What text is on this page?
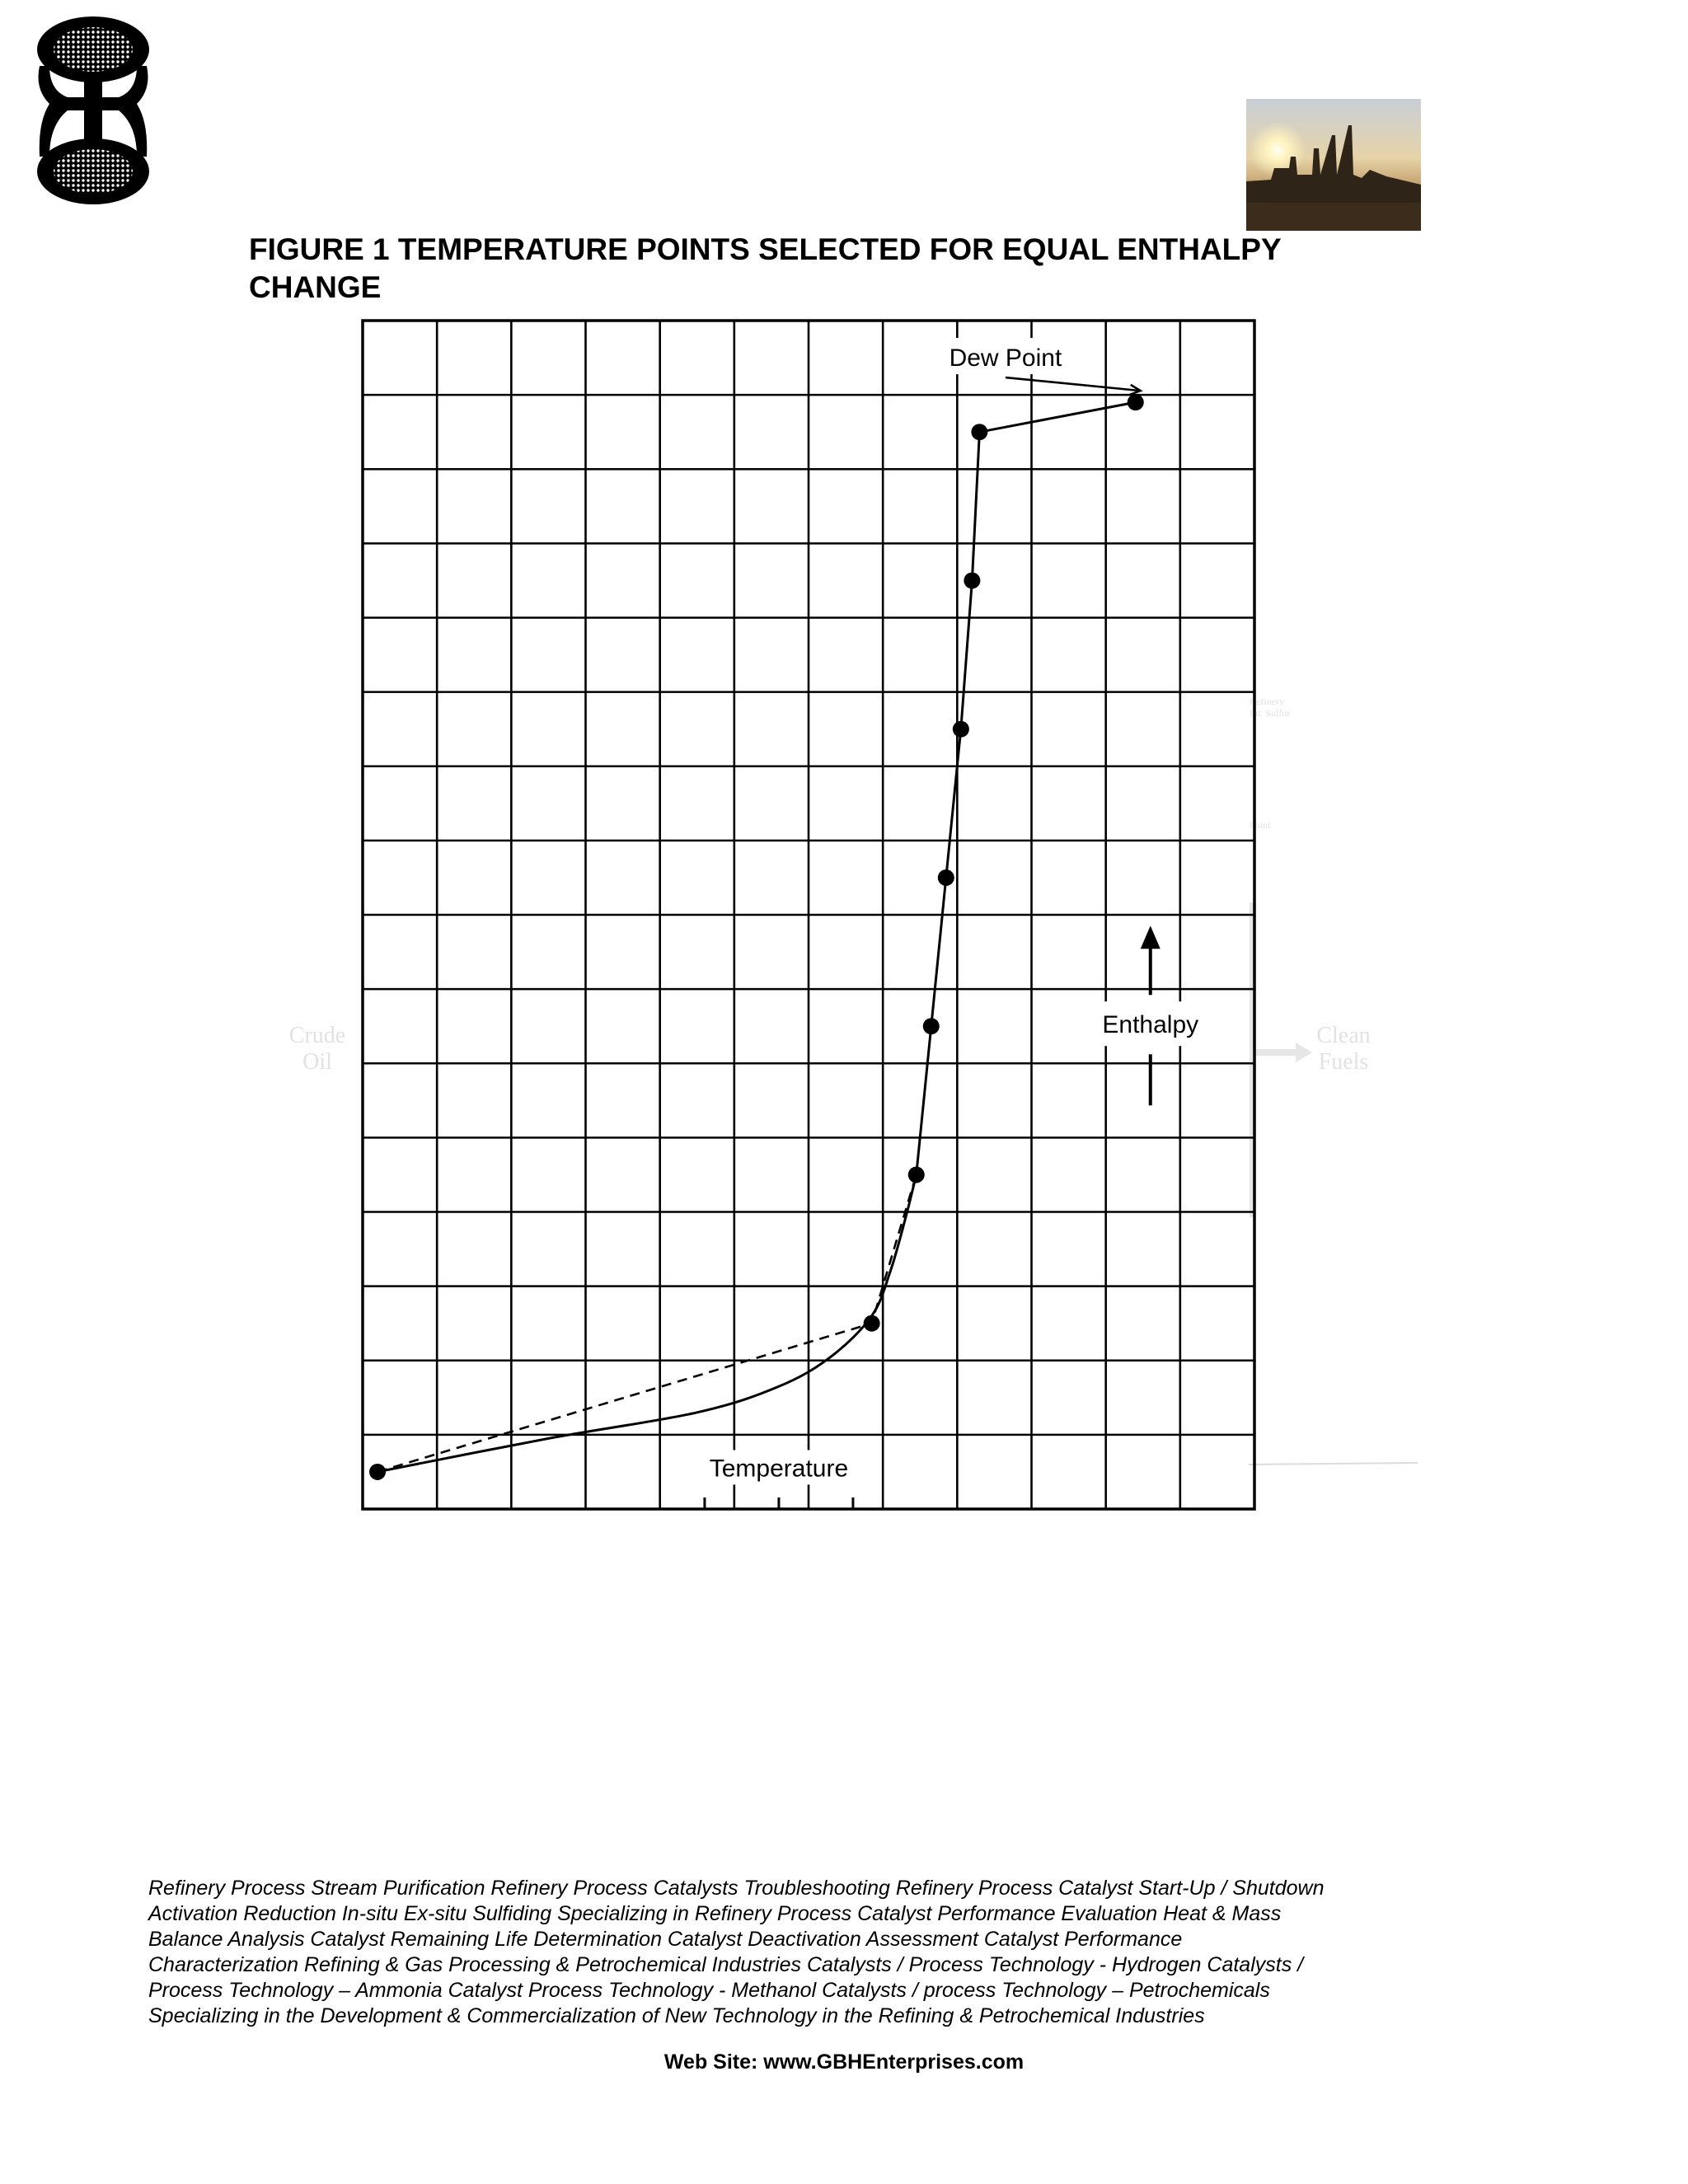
FIGURE 1 TEMPERATURE POINTS SELECTED FOR EQUAL ENTHALPY CHANGE
Crude Oil
Clean Fuels
Refinery Int. Sulfur
Point
Temperature
Enthalpy
Dew Point
Refinery Process Stream Purification Refinery Process Catalysts Troubleshooting Refinery Process Catalyst Start-Up / Shutdown
Activation Reduction In-situ Ex-situ Sulfiding Specializing in Refinery Process Catalyst Performance Evaluation Heat & Mass
Balance Analysis Catalyst Remaining Life Determination Catalyst Deactivation Assessment Catalyst Performance
Characterization Refining & Gas Processing & Petrochemical Industries Catalysts / Process Technology - Hydrogen Catalysts /
Process Technology – Ammonia Catalyst Process Technology - Methanol Catalysts / process Technology – Petrochemicals
Specializing in the Development & Commercialization of New Technology in the Refining & Petrochemical Industries
Web Site: www.GBHEnterprises.com
